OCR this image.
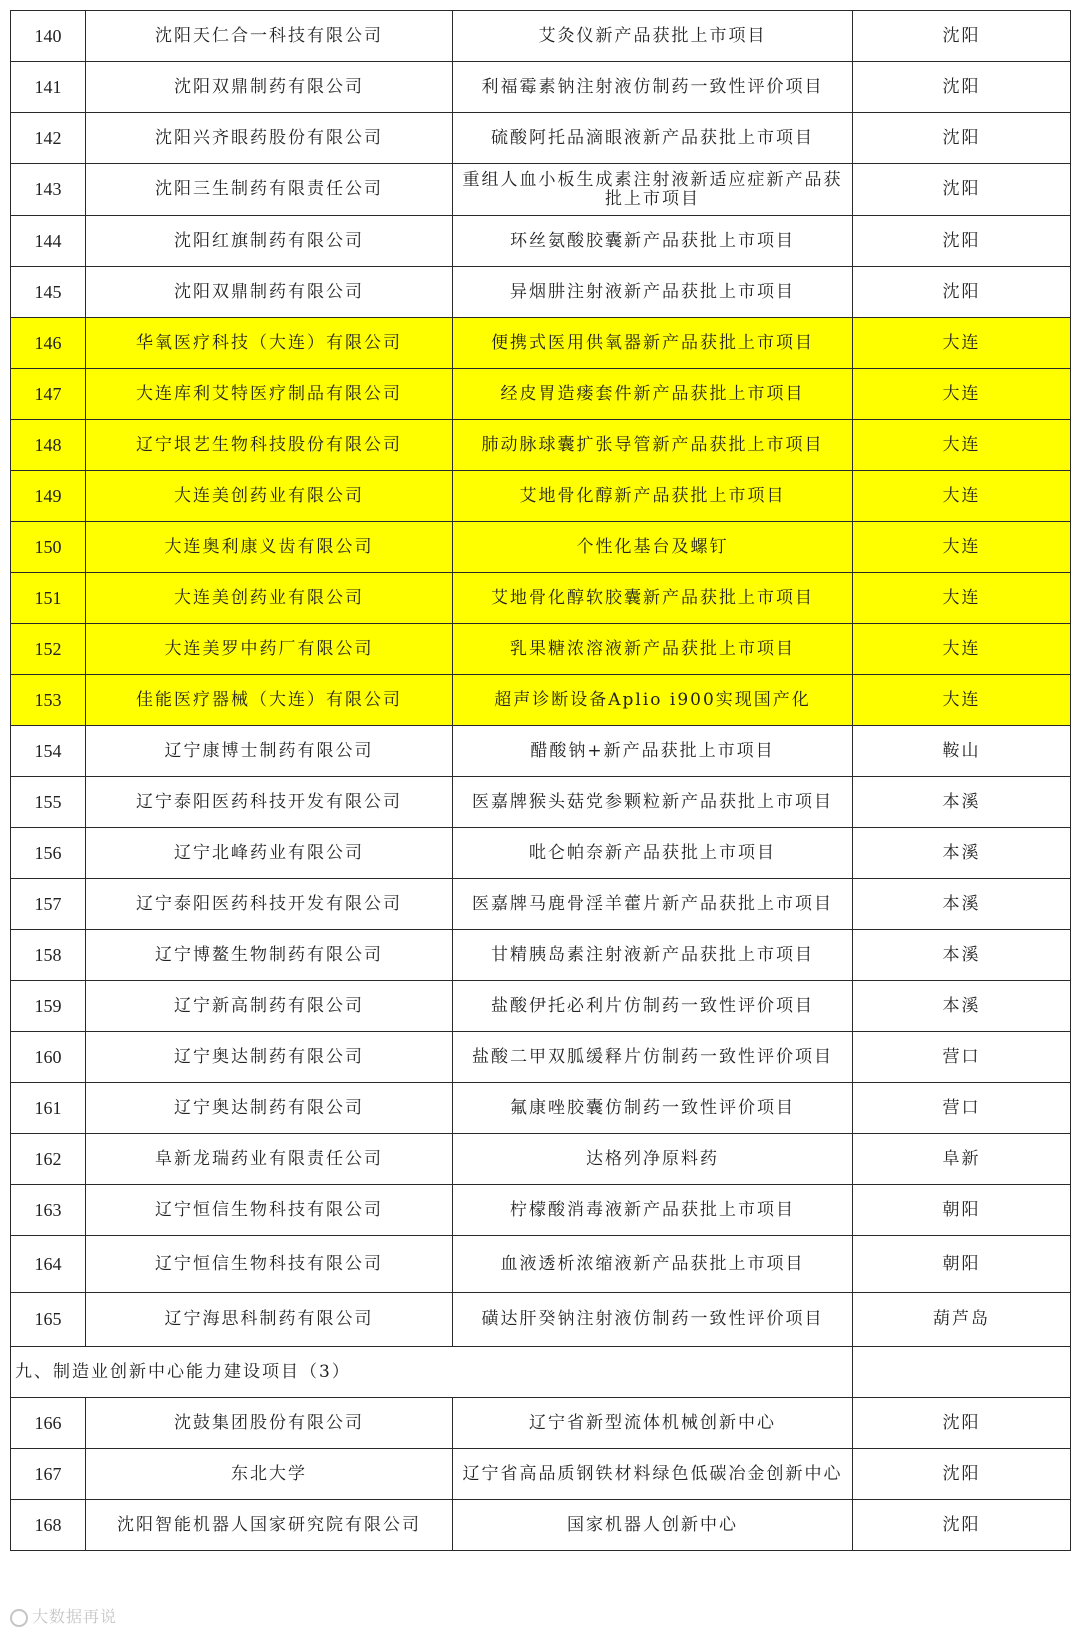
140	沈阳天仁合一科技有限公司	艾灸仪新产品获批上市项目	沈阳
141	沈阳双鼎制药有限公司	利福霉素钠注射液仿制药一致性评价项目	沈阳
142	沈阳兴齐眼药股份有限公司	硫酸阿托品滴眼液新产品获批上市项目	沈阳
143	沈阳三生制药有限责任公司	重组人血小板生成素注射液新适应症新产品获批上市项目	沈阳
144	沈阳红旗制药有限公司	环丝氨酸胶囊新产品获批上市项目	沈阳
145	沈阳双鼎制药有限公司	异烟肼注射液新产品获批上市项目	沈阳
146	华氧医疗科技（大连）有限公司	便携式医用供氧器新产品获批上市项目	大连
147	大连库利艾特医疗制品有限公司	经皮胃造瘘套件新产品获批上市项目	大连
148	辽宁垠艺生物科技股份有限公司	肺动脉球囊扩张导管新产品获批上市项目	大连
149	大连美创药业有限公司	艾地骨化醇新产品获批上市项目	大连
150	大连奥利康义齿有限公司	个性化基台及螺钉	大连
151	大连美创药业有限公司	艾地骨化醇软胶囊新产品获批上市项目	大连
152	大连美罗中药厂有限公司	乳果糖浓溶液新产品获批上市项目	大连
153	佳能医疗器械（大连）有限公司	超声诊断设备Aplio i900实现国产化	大连
154	辽宁康博士制药有限公司	醋酸钠+新产品获批上市项目	鞍山
155	辽宁泰阳医药科技开发有限公司	医嘉牌猴头菇党参颗粒新产品获批上市项目	本溪
156	辽宁北峰药业有限公司	吡仑帕奈新产品获批上市项目	本溪
157	辽宁泰阳医药科技开发有限公司	医嘉牌马鹿骨淫羊藿片新产品获批上市项目	本溪
158	辽宁博鳌生物制药有限公司	甘精胰岛素注射液新产品获批上市项目	本溪
159	辽宁新高制药有限公司	盐酸伊托必利片仿制药一致性评价项目	本溪
160	辽宁奥达制药有限公司	盐酸二甲双胍缓释片仿制药一致性评价项目	营口
161	辽宁奥达制药有限公司	氟康唑胶囊仿制药一致性评价项目	营口
162	阜新龙瑞药业有限责任公司	达格列净原料药	阜新
163	辽宁恒信生物科技有限公司	柠檬酸消毒液新产品获批上市项目	朝阳
164	辽宁恒信生物科技有限公司	血液透析浓缩液新产品获批上市项目	朝阳
165	辽宁海思科制药有限公司	磺达肝癸钠注射液仿制药一致性评价项目	葫芦岛
九、制造业创新中心能力建设项目（3）			
166	沈鼓集团股份有限公司	辽宁省新型流体机械创新中心	沈阳
167	东北大学	辽宁省高品质钢铁材料绿色低碳冶金创新中心	沈阳
168	沈阳智能机器人国家研究院有限公司	国家机器人创新中心	沈阳
大数据再说
